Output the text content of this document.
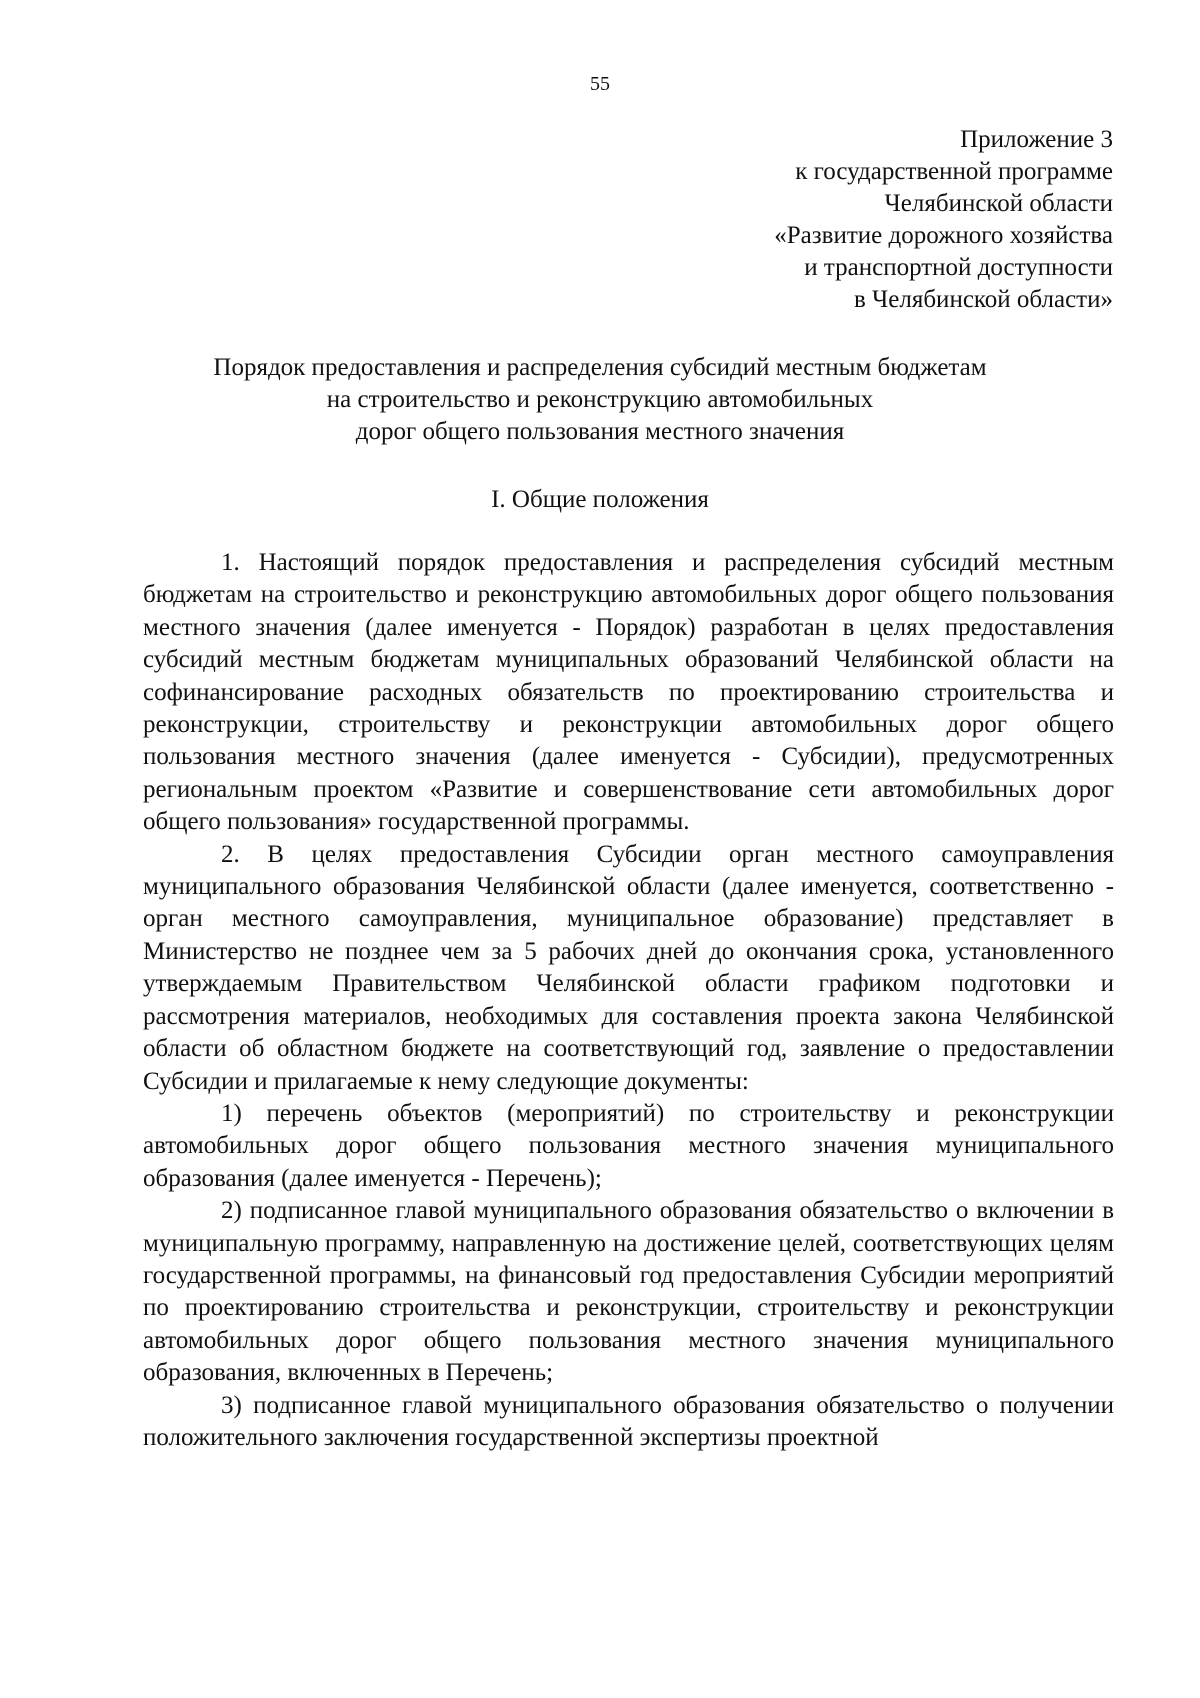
55
Приложение 3
к государственной программе
Челябинской области
«Развитие дорожного хозяйства
и транспортной доступности
в Челябинской области»
Порядок предоставления и распределения субсидий местным бюджетам
на строительство и реконструкцию автомобильных
дорог общего пользования местного значения
I. Общие положения

1. Настоящий порядок предоставления и распределения субсидий местным бюджетам на строительство и реконструкцию автомобильных дорог общего пользования местного значения (далее именуется - Порядок) разработан в целях предоставления субсидий местным бюджетам муниципальных образований Челябинской области на софинансирование расходных обязательств по проектированию строительства и реконструкции, строительству и реконструкции автомобильных дорог общего пользования местного значения (далее именуется - Субсидии), предусмотренных региональным проектом «Развитие и совершенствование сети автомобильных дорог общего пользования» государственной программы.

2. В целях предоставления Субсидии орган местного самоуправления муниципального образования Челябинской области (далее именуется, соответственно - орган местного самоуправления, муниципальное образование) представляет в Министерство не позднее чем за 5 рабочих дней до окончания срока, установленного утверждаемым Правительством Челябинской области графиком подготовки и рассмотрения материалов, необходимых для составления проекта закона Челябинской области об областном бюджете на соответствующий год, заявление о предоставлении Субсидии и прилагаемые к нему следующие документы:

1) перечень объектов (мероприятий) по строительству и реконструкции автомобильных дорог общего пользования местного значения муниципального образования (далее именуется - Перечень);

2) подписанное главой муниципального образования обязательство о включении в муниципальную программу, направленную на достижение целей, соответствующих целям государственной программы, на финансовый год предоставления Субсидии мероприятий по проектированию строительства и реконструкции, строительству и реконструкции автомобильных дорог общего пользования местного значения муниципального образования, включенных в Перечень;

3) подписанное главой муниципального образования обязательство о получении положительного заключения государственной экспертизы проектной
